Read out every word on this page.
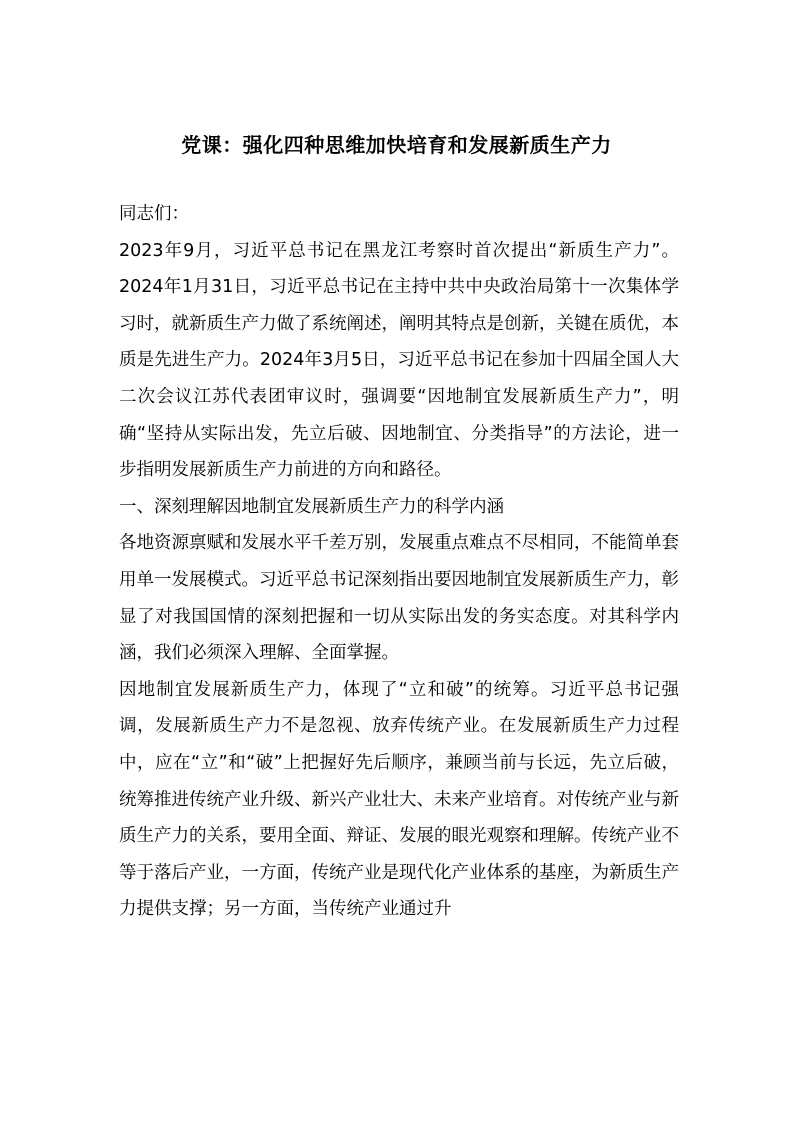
党课：强化四种思维加快培育和发展新质生产力

同志们：

2023年9月，习近平总书记在黑龙江考察时首次提出“新质生产力”。2024年1月31日，习近平总书记在主持中共中央政治局第十一次集体学习时，就新质生产力做了系统阐述，阐明其特点是创新，关键在质优，本质是先进生产力。2024年3月5日，习近平总书记在参加十四届全国人大二次会议江苏代表团审议时，强调要“因地制宜发展新质生产力”，明确“坚持从实际出发，先立后破、因地制宜、分类指导”的方法论，进一步指明发展新质生产力前进的方向和路径。

一、深刻理解因地制宜发展新质生产力的科学内涵

各地资源禀赋和发展水平千差万别，发展重点难点不尽相同，不能简单套用单一发展模式。习近平总书记深刻指出要因地制宜发展新质生产力，彰显了对我国国情的深刻把握和一切从实际出发的务实态度。对其科学内涵，我们必须深入理解、全面掌握。

因地制宜发展新质生产力，体现了“立和破”的统筹。习近平总书记强调，发展新质生产力不是忽视、放弃传统产业。在发展新质生产力过程中，应在“立”和“破”上把握好先后顺序，兼顾当前与长远，先立后破，统筹推进传统产业升级、新兴产业壮大、未来产业培育。对传统产业与新质生产力的关系，要用全面、辩证、发展的眼光观察和理解。传统产业不等于落后产业，一方面，传统产业是现代化产业体系的基座，为新质生产力提供支撑；另一方面，当传统产业通过升
